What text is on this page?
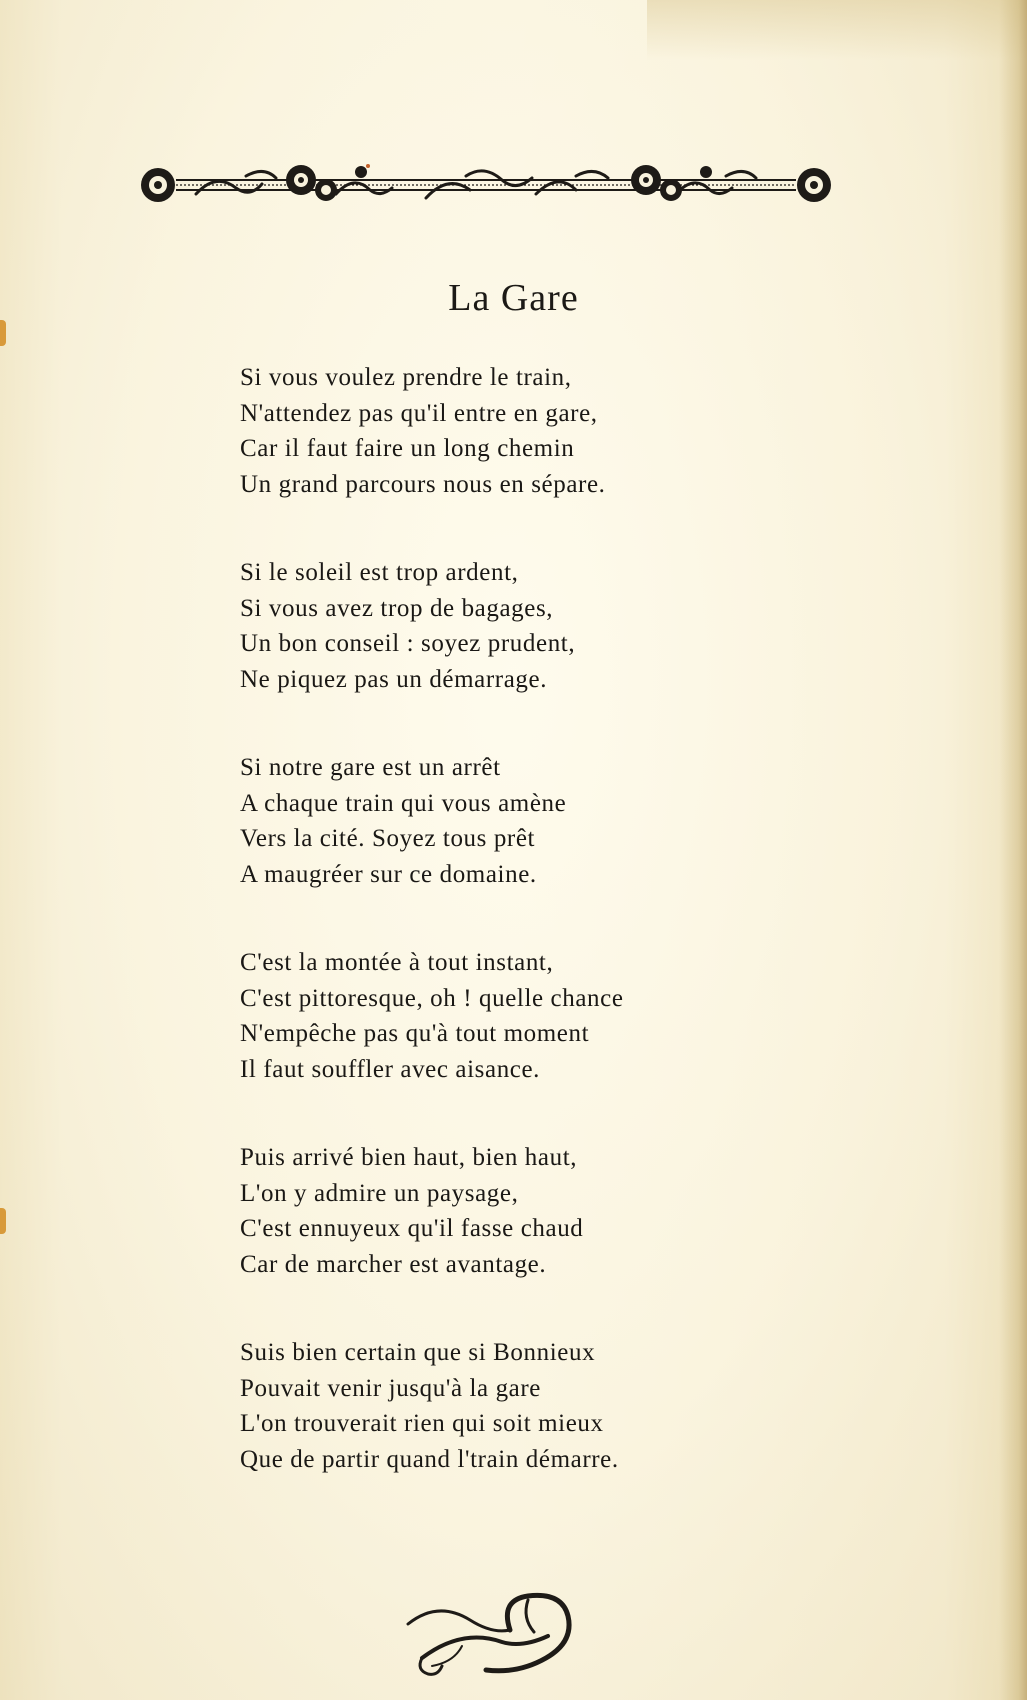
La Gare
Si vous voulez prendre le train,
N'attendez pas qu'il entre en gare,
Car il faut faire un long chemin
Un grand parcours nous en sépare.
Si le soleil est trop ardent,
Si vous avez trop de bagages,
Un bon conseil : soyez prudent,
Ne piquez pas un démarrage.
Si notre gare est un arrêt
A chaque train qui vous amène
Vers la cité. Soyez tous prêt
A maugréer sur ce domaine.
C'est la montée à tout instant,
C'est pittoresque, oh ! quelle chance
N'empêche pas qu'à tout moment
Il faut souffler avec aisance.
Puis arrivé bien haut, bien haut,
L'on y admire un paysage,
C'est ennuyeux qu'il fasse chaud
Car de marcher est avantage.
Suis bien certain que si Bonnieux
Pouvait venir jusqu'à la gare
L'on trouverait rien qui soit mieux
Que de partir quand l'train démarre.
